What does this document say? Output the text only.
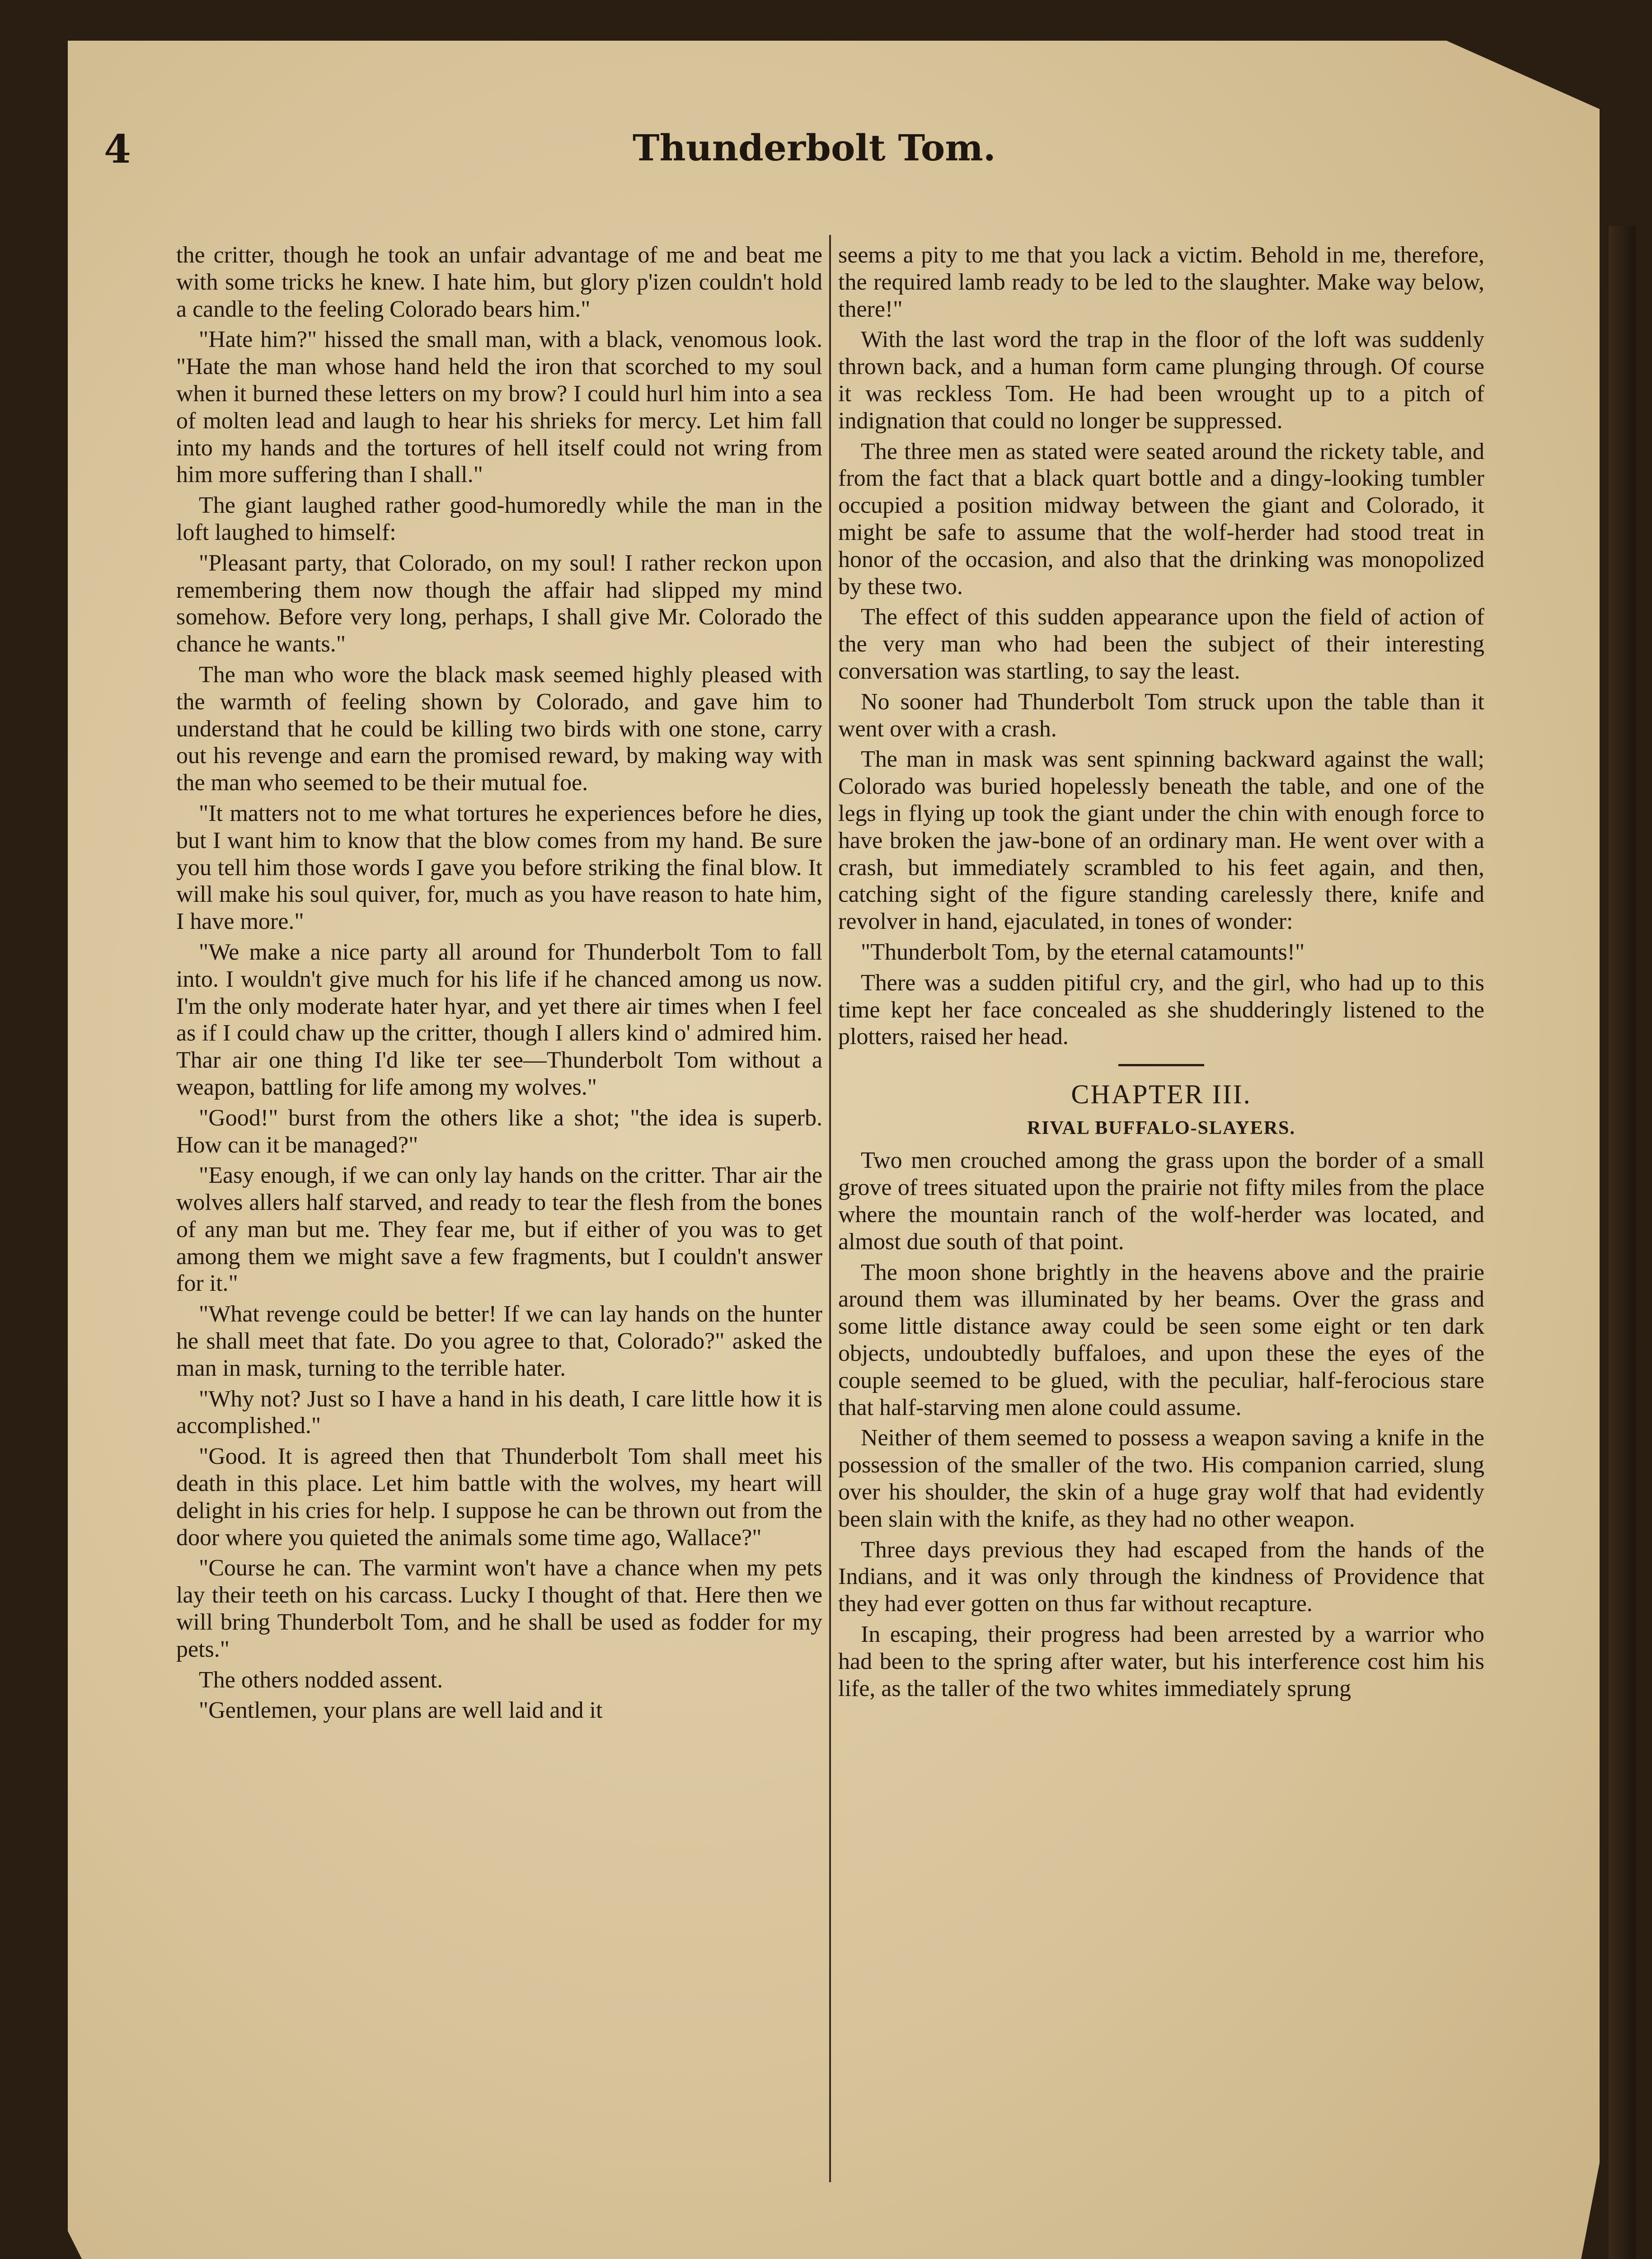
4	Thunderbolt Tom.

the critter, though he took an unfair advantage of me and beat me with some tricks he knew. I hate him, but glory p'izen couldn't hold a candle to the feeling Colorado bears him."

"Hate him?" hissed the small man, with a black, venomous look. "Hate the man whose hand held the iron that scorched to my soul when it burned these letters on my brow? I could hurl him into a sea of molten lead and laugh to hear his shrieks for mercy. Let him fall into my hands and the tortures of hell itself could not wring from him more suffering than I shall."

The giant laughed rather good-humoredly while the man in the loft laughed to himself:

"Pleasant party, that Colorado, on my soul! I rather reckon upon remembering them now though the affair had slipped my mind somehow. Before very long, perhaps, I shall give Mr. Colorado the chance he wants."

The man who wore the black mask seemed highly pleased with the warmth of feeling shown by Colorado, and gave him to understand that he could be killing two birds with one stone, carry out his revenge and earn the promised reward, by making way with the man who seemed to be their mutual foe.

"It matters not to me what tortures he experiences before he dies, but I want him to know that the blow comes from my hand. Be sure you tell him those words I gave you before striking the final blow. It will make his soul quiver, for, much as you have reason to hate him, I have more."

"We make a nice party all around for Thunderbolt Tom to fall into. I wouldn't give much for his life if he chanced among us now. I'm the only moderate hater hyar, and yet there air times when I feel as if I could chaw up the critter, though I allers kind o' admired him. Thar air one thing I'd like ter see—Thunderbolt Tom without a weapon, battling for life among my wolves."

"Good!" burst from the others like a shot; "the idea is superb. How can it be managed?"

"Easy enough, if we can only lay hands on the critter. Thar air the wolves allers half starved, and ready to tear the flesh from the bones of any man but me. They fear me, but if either of you was to get among them we might save a few fragments, but I couldn't answer for it."

"What revenge could be better! If we can lay hands on the hunter he shall meet that fate. Do you agree to that, Colorado?" asked the man in mask, turning to the terrible hater.

"Why not? Just so I have a hand in his death, I care little how it is accomplished."

"Good. It is agreed then that Thunderbolt Tom shall meet his death in this place. Let him battle with the wolves, my heart will delight in his cries for help. I suppose he can be thrown out from the door where you quieted the animals some time ago, Wallace?"

"Course he can. The varmint won't have a chance when my pets lay their teeth on his carcass. Lucky I thought of that. Here then we will bring Thunderbolt Tom, and he shall be used as fodder for my pets."

The others nodded assent.

"Gentlemen, your plans are well laid and it

seems a pity to me that you lack a victim. Behold in me, therefore, the required lamb ready to be led to the slaughter. Make way below, there!"

With the last word the trap in the floor of the loft was suddenly thrown back, and a human form came plunging through. Of course it was reckless Tom. He had been wrought up to a pitch of indignation that could no longer be suppressed.

The three men as stated were seated around the rickety table, and from the fact that a black quart bottle and a dingy-looking tumbler occupied a position midway between the giant and Colorado, it might be safe to assume that the wolf-herder had stood treat in honor of the occasion, and also that the drinking was monopolized by these two.

The effect of this sudden appearance upon the field of action of the very man who had been the subject of their interesting conversation was startling, to say the least.

No sooner had Thunderbolt Tom struck upon the table than it went over with a crash.

The man in mask was sent spinning backward against the wall; Colorado was buried hopelessly beneath the table, and one of the legs in flying up took the giant under the chin with enough force to have broken the jaw-bone of an ordinary man. He went over with a crash, but immediately scrambled to his feet again, and then, catching sight of the figure standing carelessly there, knife and revolver in hand, ejaculated, in tones of wonder:

"Thunderbolt Tom, by the eternal catamounts!"

There was a sudden pitiful cry, and the girl, who had up to this time kept her face concealed as she shudderingly listened to the plotters, raised her head.

CHAPTER III.
RIVAL BUFFALO-SLAYERS.

Two men crouched among the grass upon the border of a small grove of trees situated upon the prairie not fifty miles from the place where the mountain ranch of the wolf-herder was located, and almost due south of that point.

The moon shone brightly in the heavens above and the prairie around them was illuminated by her beams. Over the grass and some little distance away could be seen some eight or ten dark objects, undoubtedly buffaloes, and upon these the eyes of the couple seemed to be glued, with the peculiar, half-ferocious stare that half-starving men alone could assume.

Neither of them seemed to possess a weapon saving a knife in the possession of the smaller of the two. His companion carried, slung over his shoulder, the skin of a huge gray wolf that had evidently been slain with the knife, as they had no other weapon.

Three days previous they had escaped from the hands of the Indians, and it was only through the kindness of Providence that they had ever gotten on thus far without recapture.

In escaping, their progress had been arrested by a warrior who had been to the spring after water, but his interference cost him his life, as the taller of the two whites immediately sprung
